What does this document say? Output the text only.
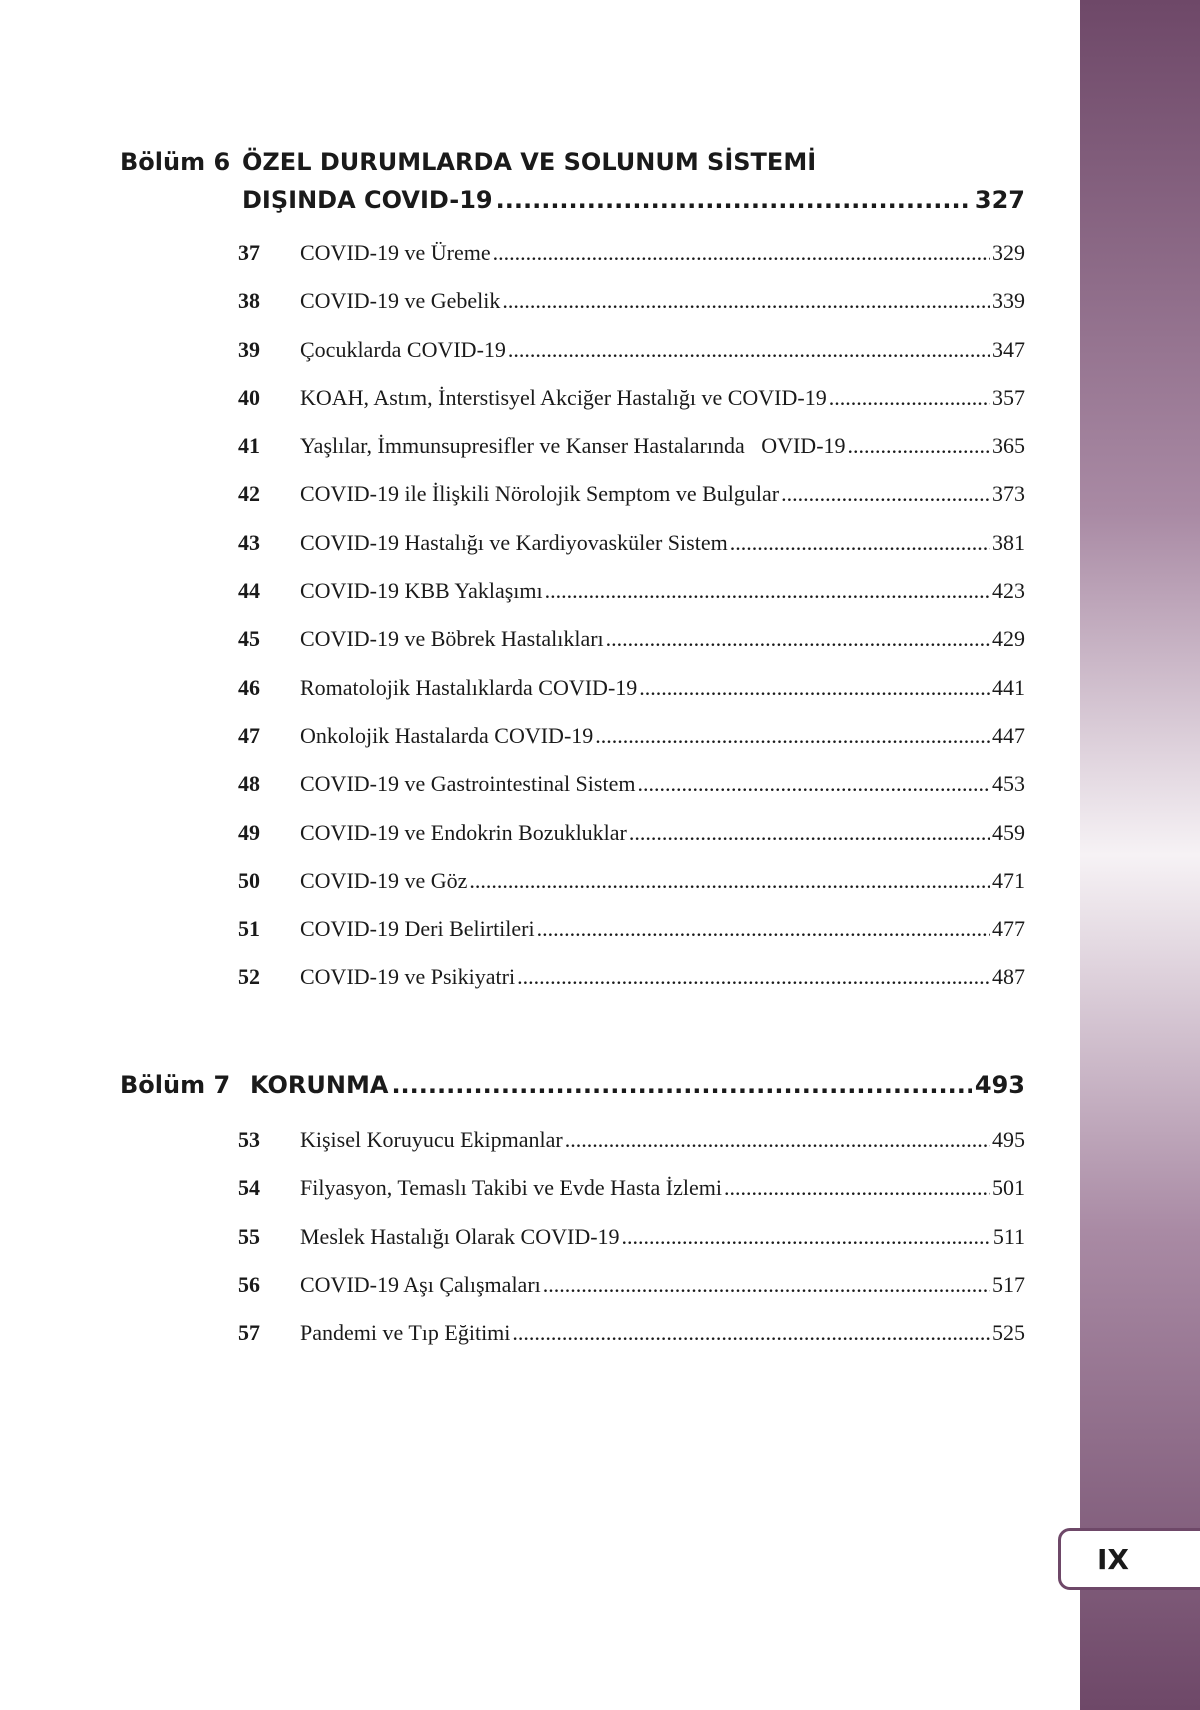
Bölüm 6 ÖZEL DURUMLARDA VE SOLUNUM SİSTEMİ
DIŞINDA COVID-19 .....	327
37	COVID-19 ve Üreme .....	329
38	COVID-19 ve Gebelik .....	339
39	Çocuklarda COVID-19 .....	347
40	KOAH, Astım, İnterstisyel Akciğer Hastalığı ve COVID-19 .....	357
41	Yaşlılar, İmmunsupresifler ve Kanser Hastalarında   OVID-19 .....	365
42	COVID-19 ile İlişkili Nörolojik Semptom ve Bulgular .....	373
43	COVID-19 Hastalığı ve Kardiyovasküler Sistem .....	381
44	COVID-19 KBB Yaklaşımı .....	423
45	COVID-19 ve Böbrek Hastalıkları .....	429
46	Romatolojik Hastalıklarda COVID-19 .....	441
47	Onkolojik Hastalarda COVID-19 .....	447
48	COVID-19 ve Gastrointestinal Sistem .....	453
49	COVID-19 ve Endokrin Bozukluklar .....	459
50	COVID-19 ve Göz .....	471
51	COVID-19 Deri Belirtileri .....	477
52	COVID-19 ve Psikiyatri .....	487
Bölüm 7 KORUNMA .....	493
53	Kişisel Koruyucu Ekipmanlar .....	495
54	Filyasyon, Temaslı Takibi ve Evde Hasta İzlemi .....	501
55	Meslek Hastalığı Olarak COVID-19 .....	511
56	COVID-19 Aşı Çalışmaları .....	517
57	Pandemi ve Tıp Eğitimi .....	525
IX
